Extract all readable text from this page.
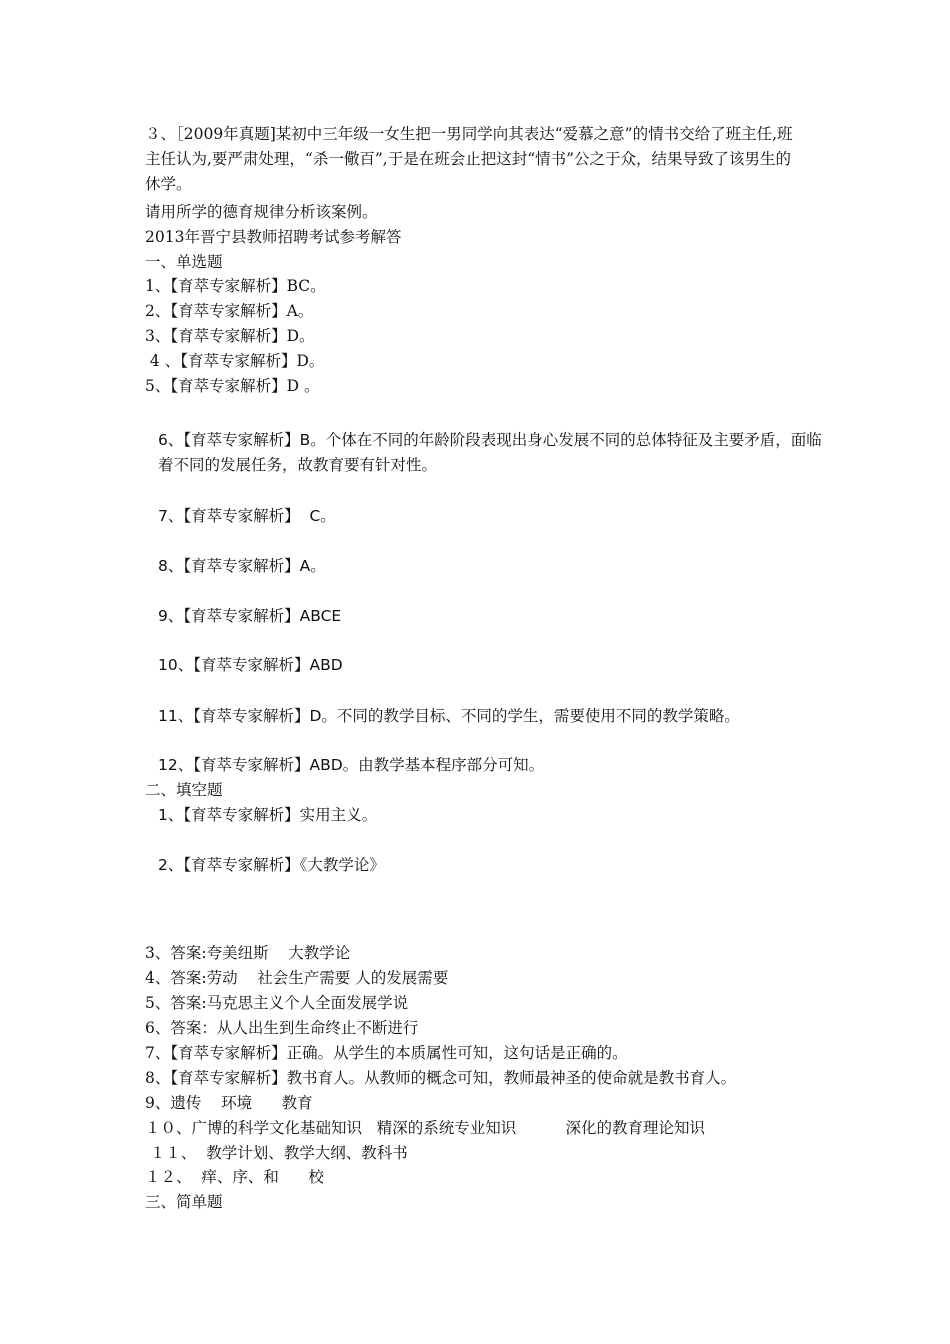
３、［2009年真题]某初中三年级一女生把一男同学向其表达“爱慕之意”的情书交给了班主任,班主任认为,要严肃处理，“杀一儆百”,于是在班会止把这封“情书”公之于众，结果导致了该男生的休学。
请用所学的德育规律分析该案例。
2013年晋宁县教师招聘考试参考解答
一、单选题
1、【育萃专家解析】BC。
2、【育萃专家解析】A。
3、【育萃专家解析】D。
4 、【育萃专家解析】D。
5、【育萃专家解析】D 。
6、【育萃专家解析】B。个体在不同的年龄阶段表现出身心发展不同的总体特征及主要矛盾，面临着不同的发展任务，故教育要有针对性。
7、【育萃专家解析】  C。
8、【育萃专家解析】A。
9、【育萃专家解析】ABCE
10、【育萃专家解析】ABD
11、【育萃专家解析】D。不同的教学目标、不同的学生，需要使用不同的教学策略。
12、【育萃专家解析】ABD。由教学基本程序部分可知。
二、填空题
1、【育萃专家解析】实用主义。
2、【育萃专家解析】《大教学论》
3、答案:夸美纽斯    大教学论
4、答案:劳动    社会生产需要 人的发展需要
5、答案:马克思主义个人全面发展学说
6、答案：从人出生到生命终止不断进行
7、【育萃专家解析】正确。从学生的本质属性可知，这句话是正确的。
8、【育萃专家解析】教书育人。从教师的概念可知，教师最神圣的使命就是教书育人。
9、遗传    环境      教育
１０、广博的科学文化基础知识   精深的系统专业知识          深化的教育理论知识
１１、  教学计划、教学大纲、教科书
１２、  痒、序、和      校
三、简单题
